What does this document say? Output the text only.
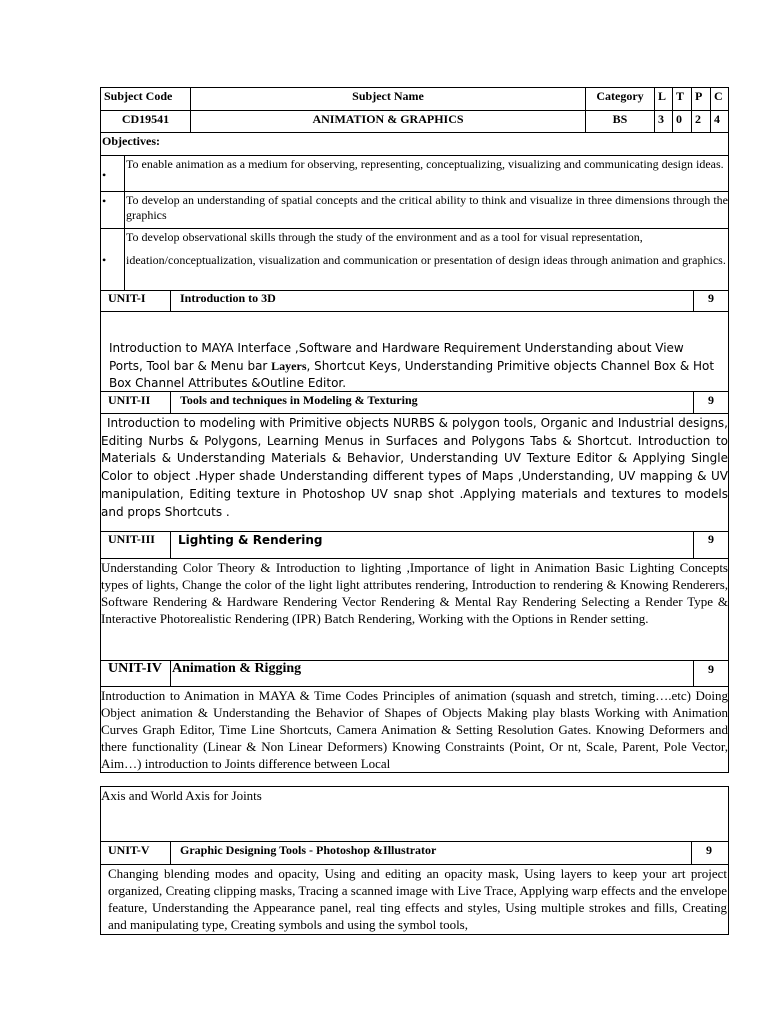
Subject Code	Subject Name	Category	L T P C
CD19541	ANIMATION & GRAPHICS	BS	3	0	2	4
Objectives:
•
To enable animation as a medium for observing, representing, conceptualizing, visualizing and communicating design ideas.
• To develop an understanding of spatial concepts and the critical ability to think and visualize in three dimensions through the graphics
To develop observational skills through the study of the environment and as a tool for visual representation,
• ideation/conceptualization, visualization and communication or presentation of design ideas through animation and graphics.
UNIT-I	Introduction to 3D	9
Introduction to MAYA Interface ,Software and Hardware Requirement Understanding about View Ports, Tool bar & Menu bar Layers, Shortcut Keys, Understanding Primitive objects Channel Box & Hot Box Channel Attributes &Outline Editor.
UNIT-II Tools and techniques in Modeling & Texturing	9
Introduction to modeling with Primitive objects NURBS & polygon tools, Organic and Industrial designs, Editing Nurbs & Polygons, Learning Menus in Surfaces and Polygons Tabs & Shortcut. Introduction to Materials & Understanding Materials & Behavior, Understanding UV Texture Editor & Applying Single Color to object .Hyper shade Understanding different types of Maps ,Understanding, UV mapping & UV manipulation, Editing texture in Photoshop UV snap shot .Applying materials and textures to models and props Shortcuts .
UNIT-III Lighting & Rendering	9
Understanding Color Theory & Introduction to lighting ,Importance of light in Animation Basic Lighting Concepts types of lights, Change the color of the light light attributes rendering, Introduction to rendering & Knowing Renderers, Software Rendering & Hardware Rendering Vector Rendering & Mental Ray Rendering Selecting a Render Type & Interactive Photorealistic Rendering (IPR) Batch Rendering, Working with the Options in Render setting.
UNIT-IV Animation & Rigging	9
Introduction to Animation in MAYA & Time Codes Principles of animation (squash and stretch, timing….etc) Doing Object animation & Understanding the Behavior of Shapes of Objects Making play blasts Working with Animation Curves Graph Editor, Time Line Shortcuts, Camera Animation & Setting Resolution Gates. Knowing Deformers and there functionality (Linear & Non Linear Deformers) Knowing Constraints (Point, Or nt, Scale, Parent, Pole Vector, Aim…) introduction to Joints difference between Local
Axis and World Axis for Joints
UNIT-V	Graphic Designing Tools - Photoshop &Illustrator	9
Changing blending modes and opacity, Using and editing an opacity mask, Using layers to keep your art project organized, Creating clipping masks, Tracing a scanned image with Live Trace, Applying warp effects and the envelope feature, Understanding the Appearance panel, real ting effects and styles, Using multiple strokes and fills, Creating and manipulating type, Creating symbols and using the symbol tools,
